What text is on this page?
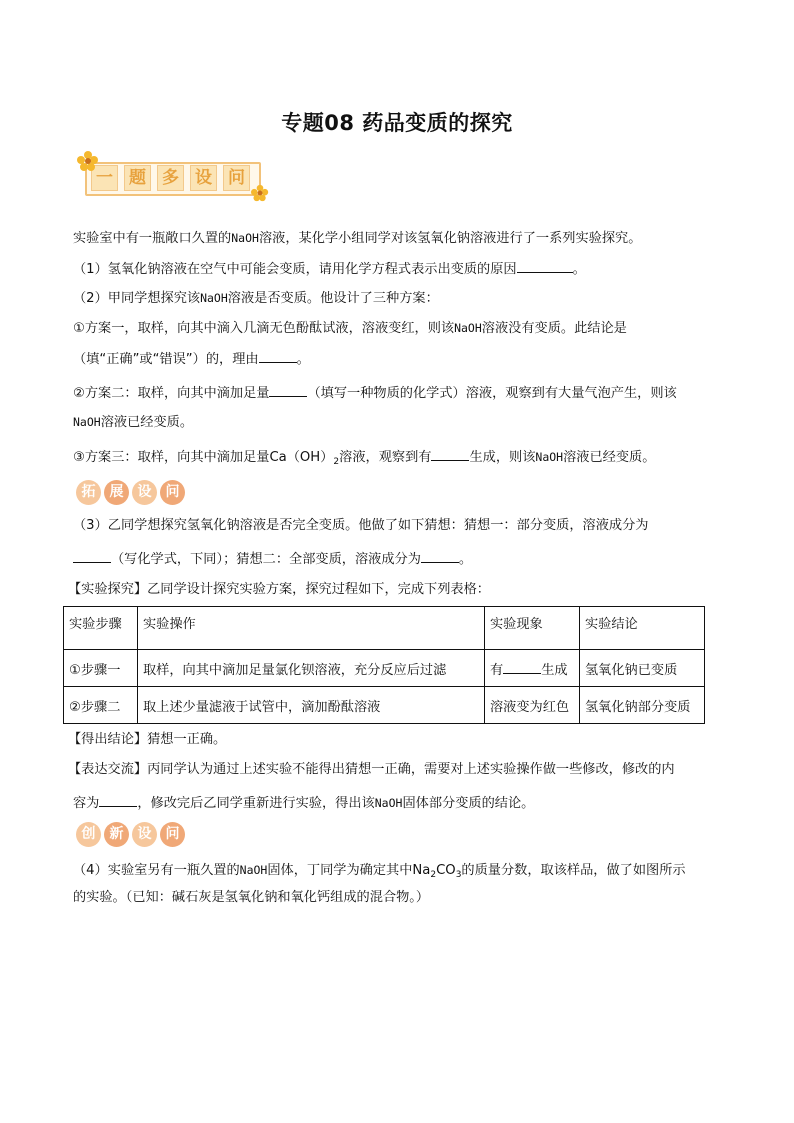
专题08 药品变质的探究
一 题 多 设 问
实验室中有一瓶敞口久置的NaOH溶液，某化学小组同学对该氢氧化钠溶液进行了一系列实验探究。
（1）氢氧化钠溶液在空气中可能会变质，请用化学方程式表示出变质的原因	。
（2）甲同学想探究该NaOH溶液是否变质。他设计了三种方案：
①方案一，取样，向其中滴入几滴无色酚酞试液，溶液变红，则该NaOH溶液没有变质。此结论是
（填“正确”或“错误”）的，理由	。
②方案二：取样，向其中滴加足量	（填写一种物质的化学式）溶液，观察到有大量气泡产生，则该
NaOH溶液已经变质。
③方案三：取样，向其中滴加足量$Ca(OH)_2$溶液，观察到有	生成，则该NaOH溶液已经变质。
拓	展	设	问
（3）乙同学想探究氢氧化钠溶液是否完全变质。他做了如下猜想：猜想一：部分变质，溶液成分为
（写化学式，下同）；猜想二：全部变质，溶液成分为	。
【实验探究】乙同学设计探究实验方案，探究过程如下，完成下列表格：
实验步骤	实验操作	实验现象	实验结论
①步骤一	取样，向其中滴加足量氯化钡溶液，充分反应后过滤	有 生成	氢氧化钠已变质
②步骤二	取上述少量滤液于试管中，滴加酚酞溶液	溶液变为红色	氢氧化钠部分变质
【得出结论】猜想一正确。
【表达交流】丙同学认为通过上述实验不能得出猜想一正确，需要对上述实验操作做一些修改，修改的内
容为	，修改完后乙同学重新进行实验，得出该NaOH固体部分变质的结论。
创	新	设	问
（4）实验室另有一瓶久置的NaOH固体，丁同学为确定其中$Na_2CO_3$的质量分数，取该样品，做了如图所示
的实验。（已知：碱石灰是氢氧化钠和氧化钙组成的混合物。）
